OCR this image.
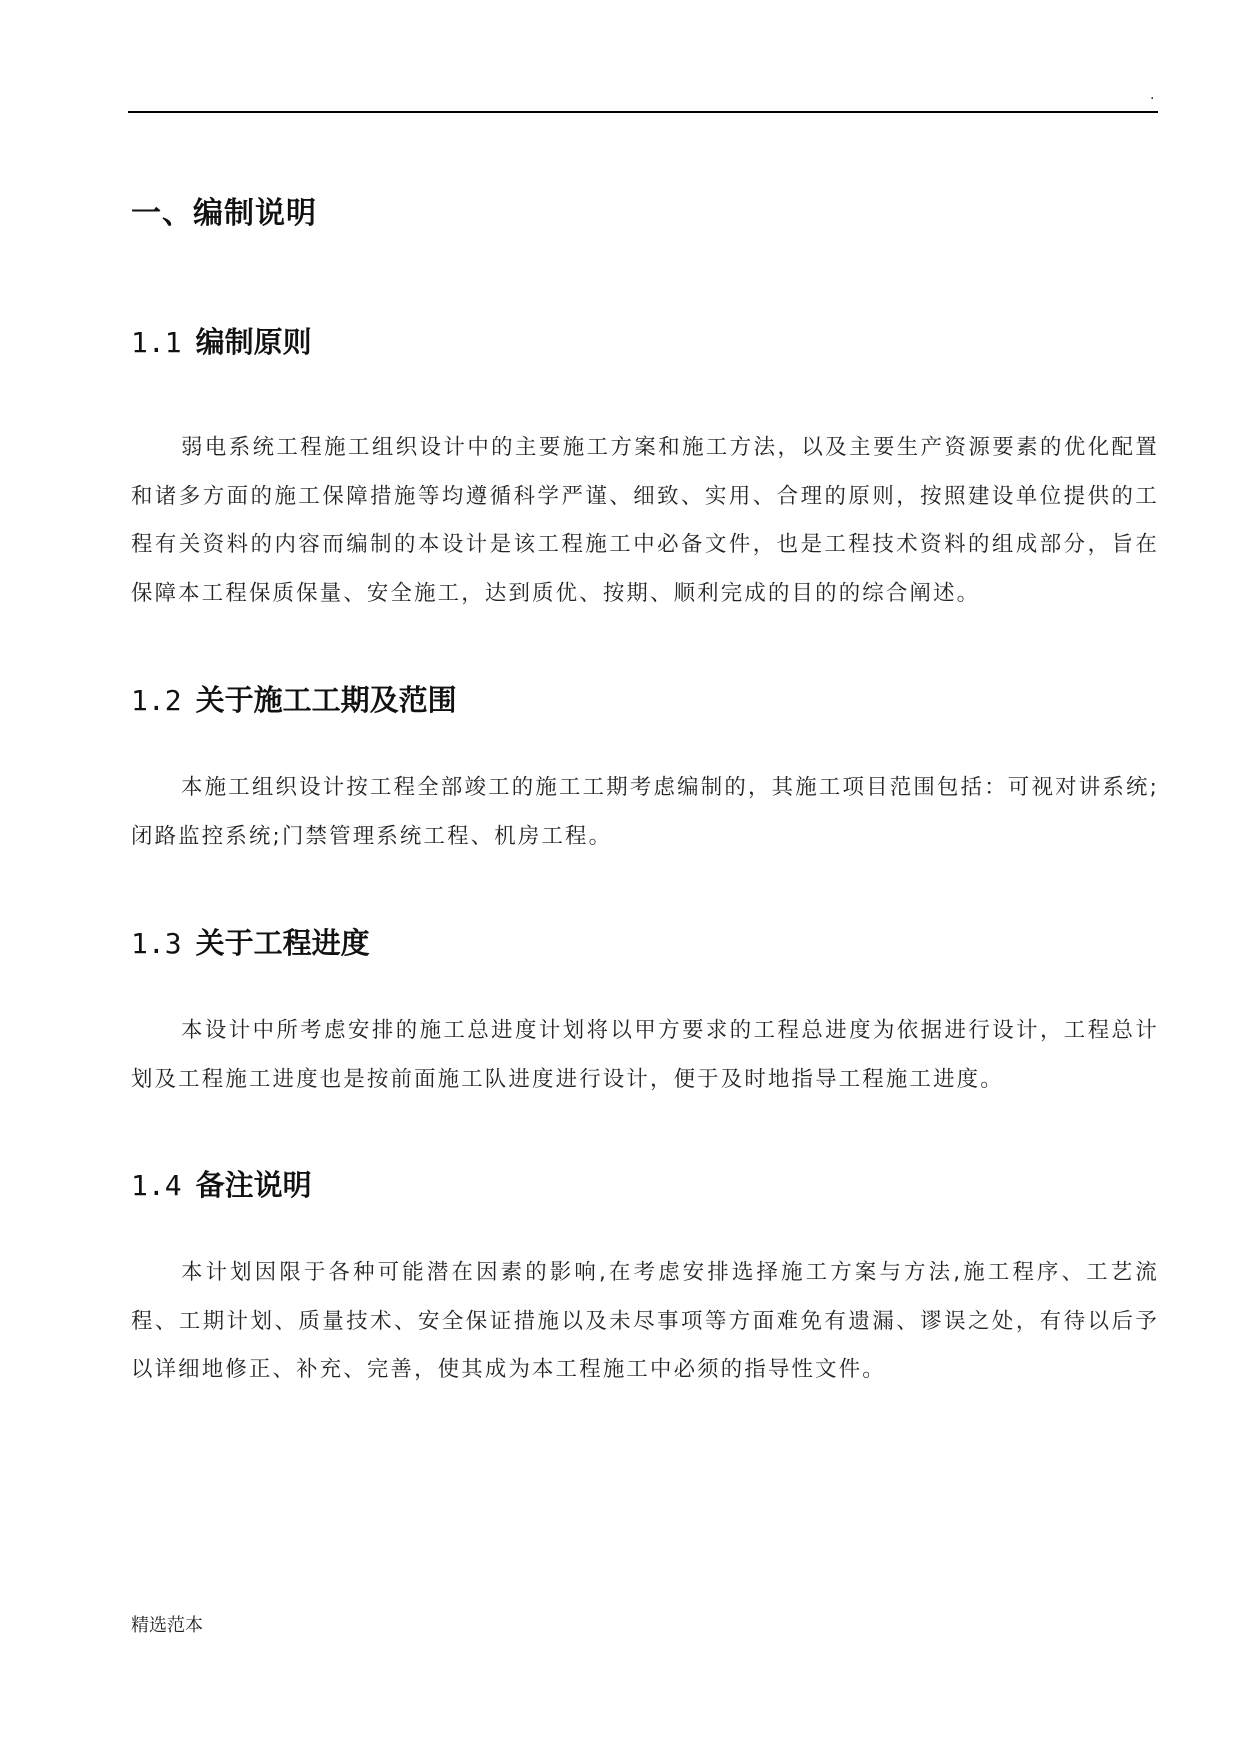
.
一、编制说明
1.1 编制原则

弱电系统工程施工组织设计中的主要施工方案和施工方法，以及主要生产资源要素的优化配置和诸多方面的施工保障措施等均遵循科学严谨、细致、实用、合理的原则，按照建设单位提供的工程有关资料的内容而编制的本设计是该工程施工中必备文件，也是工程技术资料的组成部分，旨在保障本工程保质保量、安全施工，达到质优、按期、顺利完成的目的的综合阐述。

1.2 关于施工工期及范围

本施工组织设计按工程全部竣工的施工工期考虑编制的，其施工项目范围包括：可视对讲系统;闭路监控系统;门禁管理系统工程、机房工程。

1.3 关于工程进度

本设计中所考虑安排的施工总进度计划将以甲方要求的工程总进度为依据进行设计，工程总计划及工程施工进度也是按前面施工队进度进行设计，便于及时地指导工程施工进度。

1.4 备注说明

本计划因限于各种可能潜在因素的影响,在考虑安排选择施工方案与方法,施工程序、工艺流程、工期计划、质量技术、安全保证措施以及未尽事项等方面难免有遗漏、谬误之处，有待以后予以详细地修正、补充、完善，使其成为本工程施工中必须的指导性文件。

精选范本
